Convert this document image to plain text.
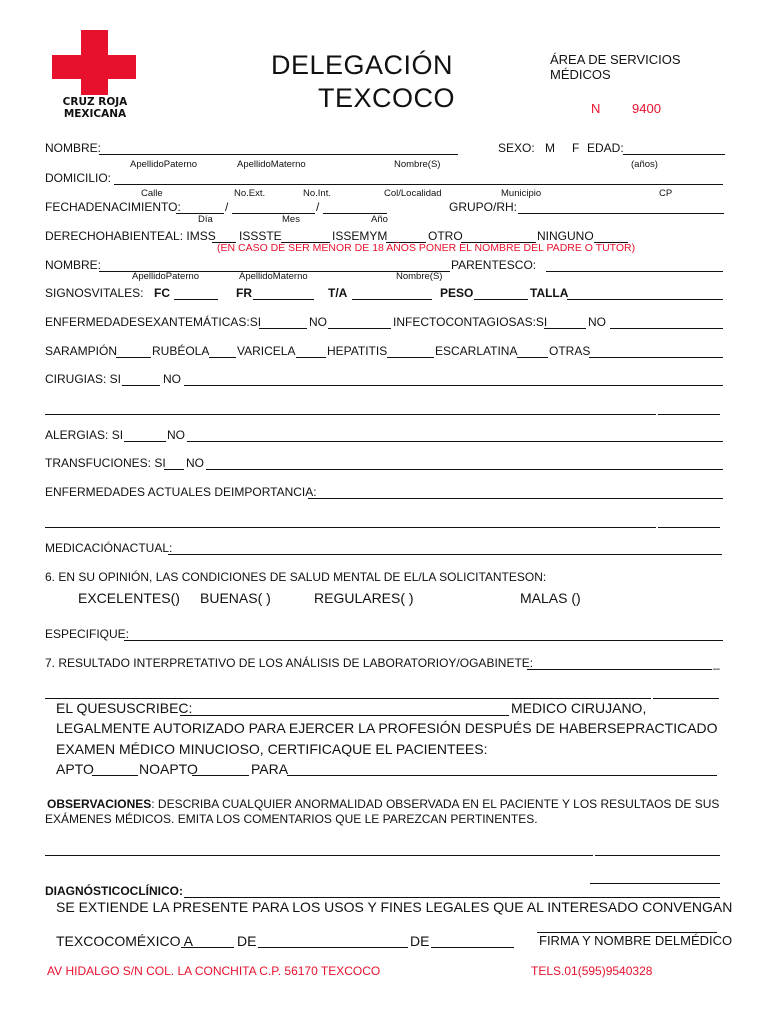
CRUZ ROJA
MEXICANA
DELEGACIÓN
TEXCOCO
ÁREA DE SERVICIOS
MÉDICOS
N 9400
NOMBRE:	SEXO: M F EDAD:
ApellidoPaterno	ApellidoMaterno	Nombre(S)	(años)
DOMICILIO:
Calle	No.Ext.	No.Int.	Col/Localidad	Municipio	CP
FECHADENACIMIENTO:	/	/	GRUPO/RH:
Día	Mes	Año
DERECHOHABIENTEAL: IMSS ISSSTE	ISSEMYM	OTRO	NINGUNO
(EN CASO DE SER MENOR DE 18 AÑOS PONER EL NOMBRE DEL PADRE O TUTOR)
NOMBRE:	PARENTESCO:
ApellidoPaterno	ApellidoMaterno	Nombre(S)
SIGNOSVITALES: FC	FR	T/A	PESO	TALLA
ENFERMEDADESEXANTEMÁTICAS:SI	NO	INFECTOCONTAGIOSAS:SI	NO
SARAMPIÓN	RUBÉOLA VARICELA	HEPATITIS	ESCARLATINA	OTRAS
CIRUGIAS: SI	NO
ALERGIAS: SI	NO
TRANSFUCIONES: SI NO
ENFERMEDADES ACTUALES DEIMPORTANCIA:
MEDICACIÓNACTUAL:
6. EN SU OPINIÓN, LAS CONDICIONES DE SALUD MENTAL DE EL/LA SOLICITANTESON:
EXCELENTES() BUENAS( )	REGULARES( )	MALAS ()
ESPECIFIQUE:
7. RESULTADO INTERPRETATIVO DE LOS ANÁLISIS DE LABORATORIOY/OGABINETE:	_
EL QUESUSCRIBEC:	MEDICO CIRUJANO,
LEGALMENTE AUTORIZADO PARA EJERCER LA PROFESIÓN DESPUÉS DE HABERSEPRACTICADO
EXAMEN MÉDICO MINUCIOSO, CERTIFICAQUE EL PACIENTEES:
APTO	NOAPTO	PARA
OBSERVACIONES: DESCRIBA CUALQUIER ANORMALIDAD OBSERVADA EN EL PACIENTE Y LOS RESULTAOS DE SUS
EXÁMENES MÉDICOS. EMITA LOS COMENTARIOS QUE LE PAREZCAN PERTINENTES.
DIAGNÓSTICOCLÍNICO:
SE EXTIENDE LA PRESENTE PARA LOS USOS Y FINES LEGALES QUE AL INTERESADO CONVENGAN
TEXCOCOMÉXICO A	DE	DE	FIRMA Y NOMBRE DELMÉDICO
AV HIDALGO S/N COL. LA CONCHITA C.P. 56170 TEXCOCO	TELS.01(595)9540328
